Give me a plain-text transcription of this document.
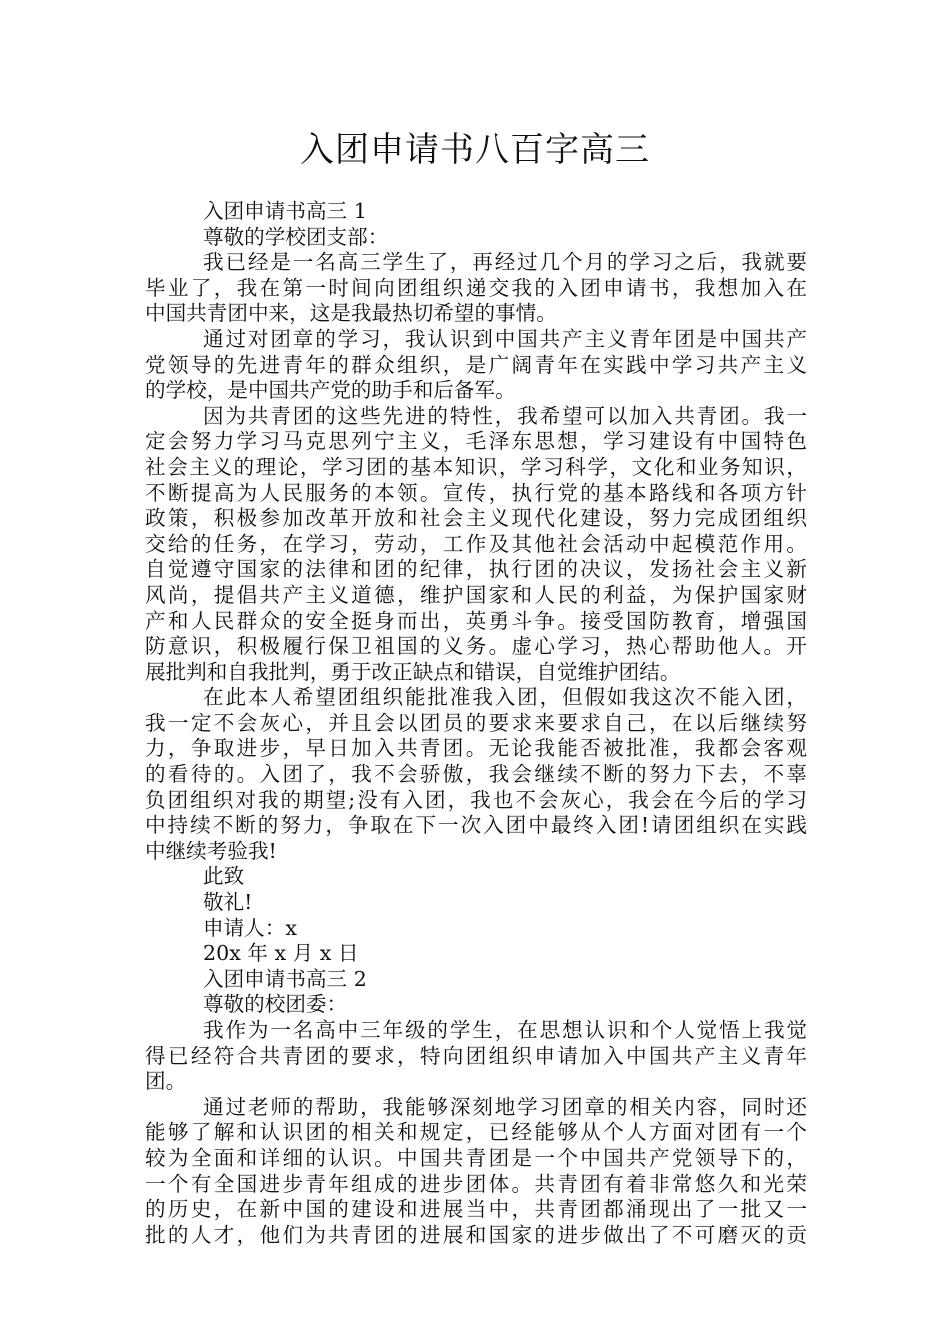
入团申请书八百字高三
入团申请书高三 1
尊敬的学校团支部：
我已经是一名高三学生了，再经过几个月的学习之后，我就要
毕业了，我在第一时间向团组织递交我的入团申请书，我想加入在
中国共青团中来，这是我最热切希望的事情。
通过对团章的学习，我认识到中国共产主义青年团是中国共产
党领导的先进青年的群众组织，是广阔青年在实践中学习共产主义
的学校，是中国共产党的助手和后备军。
因为共青团的这些先进的特性，我希望可以加入共青团。我一
定会努力学习马克思列宁主义，毛泽东思想，学习建设有中国特色
社会主义的理论，学习团的基本知识，学习科学，文化和业务知识，
不断提高为人民服务的本领。宣传，执行党的基本路线和各项方针
政策，积极参加改革开放和社会主义现代化建设，努力完成团组织
交给的任务，在学习，劳动，工作及其他社会活动中起模范作用。
自觉遵守国家的法律和团的纪律，执行团的决议，发扬社会主义新
风尚，提倡共产主义道德，维护国家和人民的利益，为保护国家财
产和人民群众的安全挺身而出，英勇斗争。接受国防教育，增强国
防意识，积极履行保卫祖国的义务。虚心学习，热心帮助他人。开
展批判和自我批判，勇于改正缺点和错误，自觉维护团结。
在此本人希望团组织能批准我入团，但假如我这次不能入团，
我一定不会灰心，并且会以团员的要求来要求自己，在以后继续努
力，争取进步，早日加入共青团。无论我能否被批准，我都会客观
的看待的。入团了，我不会骄傲，我会继续不断的努力下去，不辜
负团组织对我的期望;没有入团，我也不会灰心，我会在今后的学习
中持续不断的努力，争取在下一次入团中最终入团!请团组织在实践
中继续考验我!
此致
敬礼!
申请人：x
20x 年 x 月 x 日
入团申请书高三 2
尊敬的校团委：
我作为一名高中三年级的学生，在思想认识和个人觉悟上我觉
得已经符合共青团的要求，特向团组织申请加入中国共产主义青年
团。
通过老师的帮助，我能够深刻地学习团章的相关内容，同时还
能够了解和认识团的相关和规定，已经能够从个人方面对团有一个
较为全面和详细的认识。中国共青团是一个中国共产党领导下的，
一个有全国进步青年组成的进步团体。共青团有着非常悠久和光荣
的历史，在新中国的建设和进展当中，共青团都涌现出了一批又一
批的人才，他们为共青团的进展和国家的进步做出了不可磨灭的贡
